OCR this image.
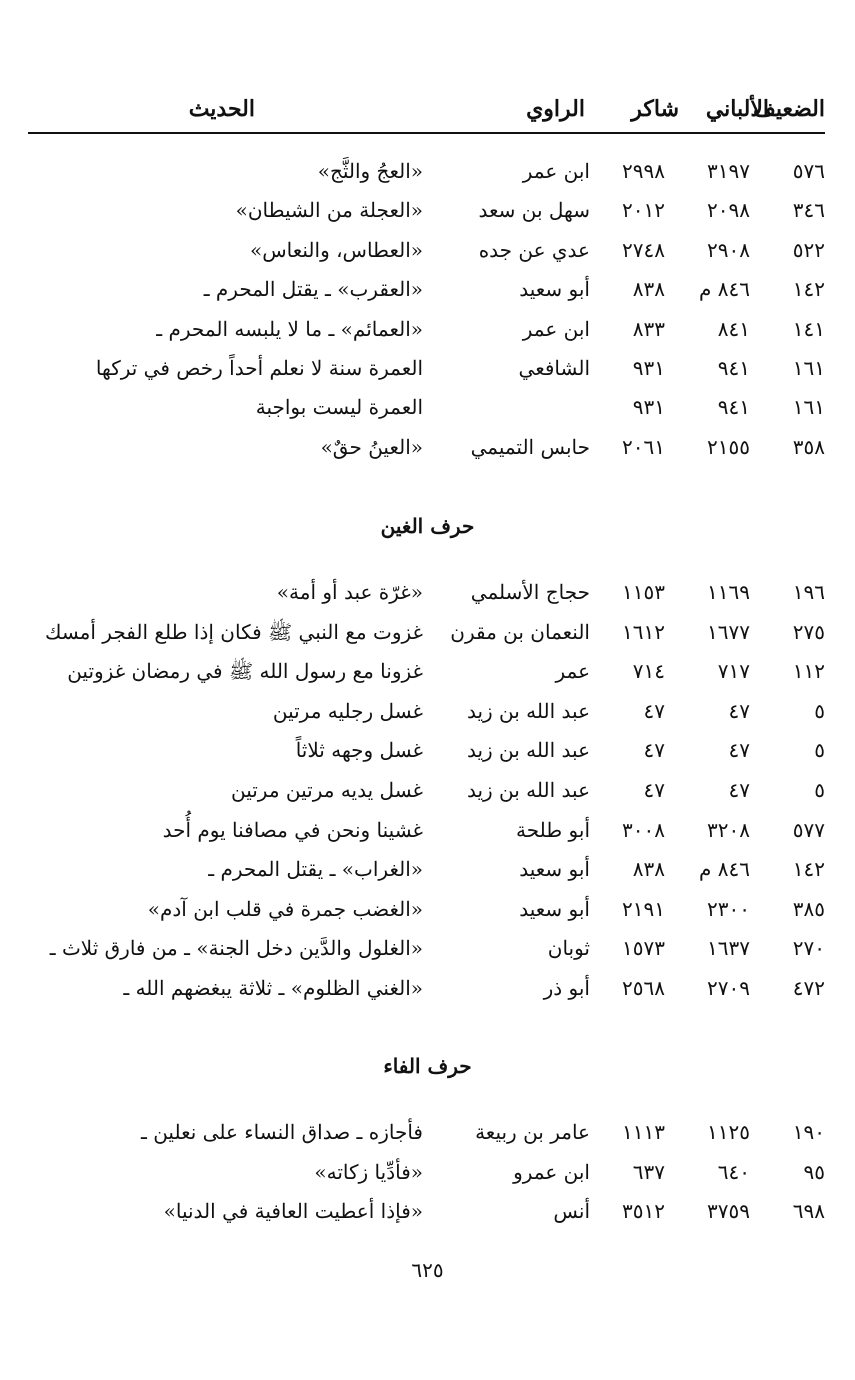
الضعيف
الألباني
شاكر
الراوي
الحديث
٥٧٦
٣١٩٧
٢٩٩٨
ابن عمر
«العجُ والثَّج»
٣٤٦
٢٠٩٨
٢٠١٢
سهل بن سعد
«العجلة من الشيطان»
٥٢٢
٢٩٠٨
٢٧٤٨
عدي عن جده
«العطاس، والنعاس»
١٤٢
٨٤٦ م
٨٣٨
أبو سعيد
«العقرب» ـ يقتل المحرم ـ
١٤١
٨٤١
٨٣٣
ابن عمر
«العمائم» ـ ما لا يلبسه المحرم ـ
١٦١
٩٤١
٩٣١
الشافعي
العمرة سنة لا نعلم أحداً رخص في تركها
١٦١
٩٤١
٩٣١
العمرة ليست بواجبة
٣٥٨
٢١٥٥
٢٠٦١
حابس التميمي
«العينُ حقٌ»
حرف الغين
١٩٦
١١٦٩
١١٥٣
حجاج الأسلمي
«غرّة عبد أو أمة»
٢٧٥
١٦٧٧
١٦١٢
النعمان بن مقرن
غزوت مع النبي ﷺ فكان إذا طلع الفجر أمسك
١١٢
٧١٧
٧١٤
عمر
غزونا مع رسول الله ﷺ في رمضان غزوتين
٥
٤٧
٤٧
عبد الله بن زيد
غسل رجليه مرتين
٥
٤٧
٤٧
عبد الله بن زيد
غسل وجهه ثلاثاً
٥
٤٧
٤٧
عبد الله بن زيد
غسل يديه مرتين مرتين
٥٧٧
٣٢٠٨
٣٠٠٨
أبو طلحة
غشينا ونحن في مصافنا يوم أُحد
١٤٢
٨٤٦ م
٨٣٨
أبو سعيد
«الغراب» ـ يقتل المحرم ـ
٣٨٥
٢٣٠٠
٢١٩١
أبو سعيد
«الغضب جمرة في قلب ابن آدم»
٢٧٠
١٦٣٧
١٥٧٣
ثوبان
«الغلول والدَّين دخل الجنة» ـ من فارق ثلاث ـ
٤٧٢
٢٧٠٩
٢٥٦٨
أبو ذر
«الغني الظلوم» ـ ثلاثة يبغضهم الله ـ
حرف الفاء
١٩٠
١١٢٥
١١١٣
عامر بن ربيعة
فأجازه ـ صداق النساء على نعلين ـ
٩٥
٦٤٠
٦٣٧
ابن عمرو
«فأدِّيا زكاته»
٦٩٨
٣٧٥٩
٣٥١٢
أنس
«فإذا أعطيت العافية في الدنيا»
٦٢٥
